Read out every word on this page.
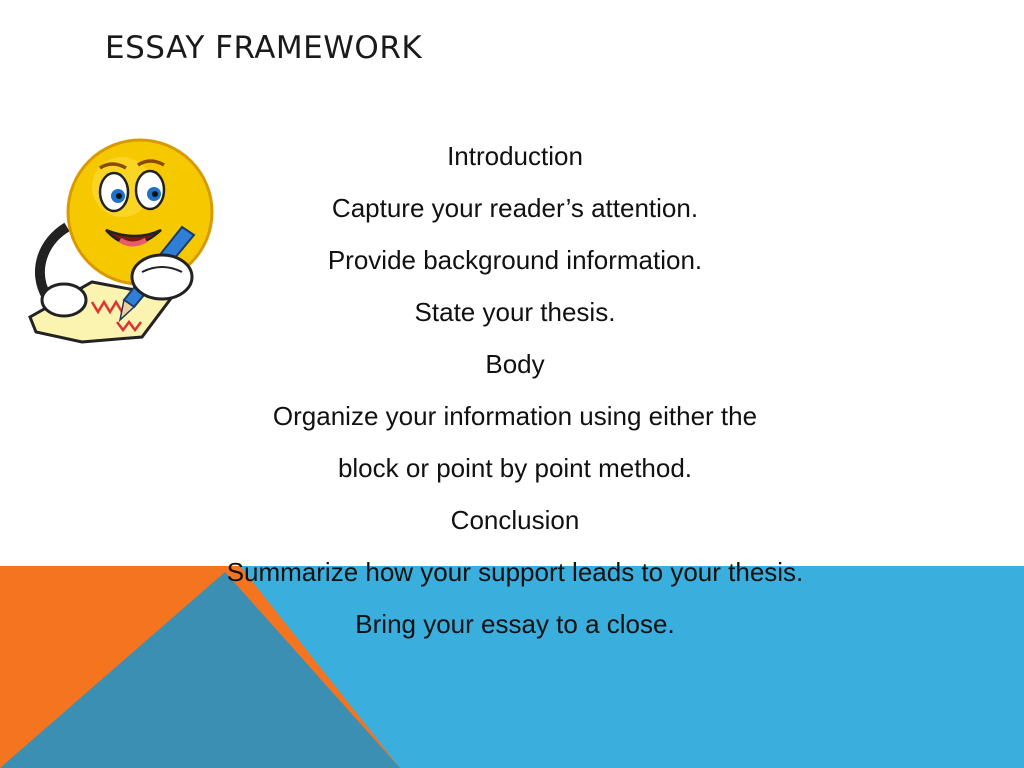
ESSAY FRAMEWORK
Introduction
Capture your reader’s attention.
Provide background information.
State your thesis.
Body
Organize your information using either the
block or point by point method.
Conclusion
Summarize how your support leads to your thesis.
Bring your essay to a close.
